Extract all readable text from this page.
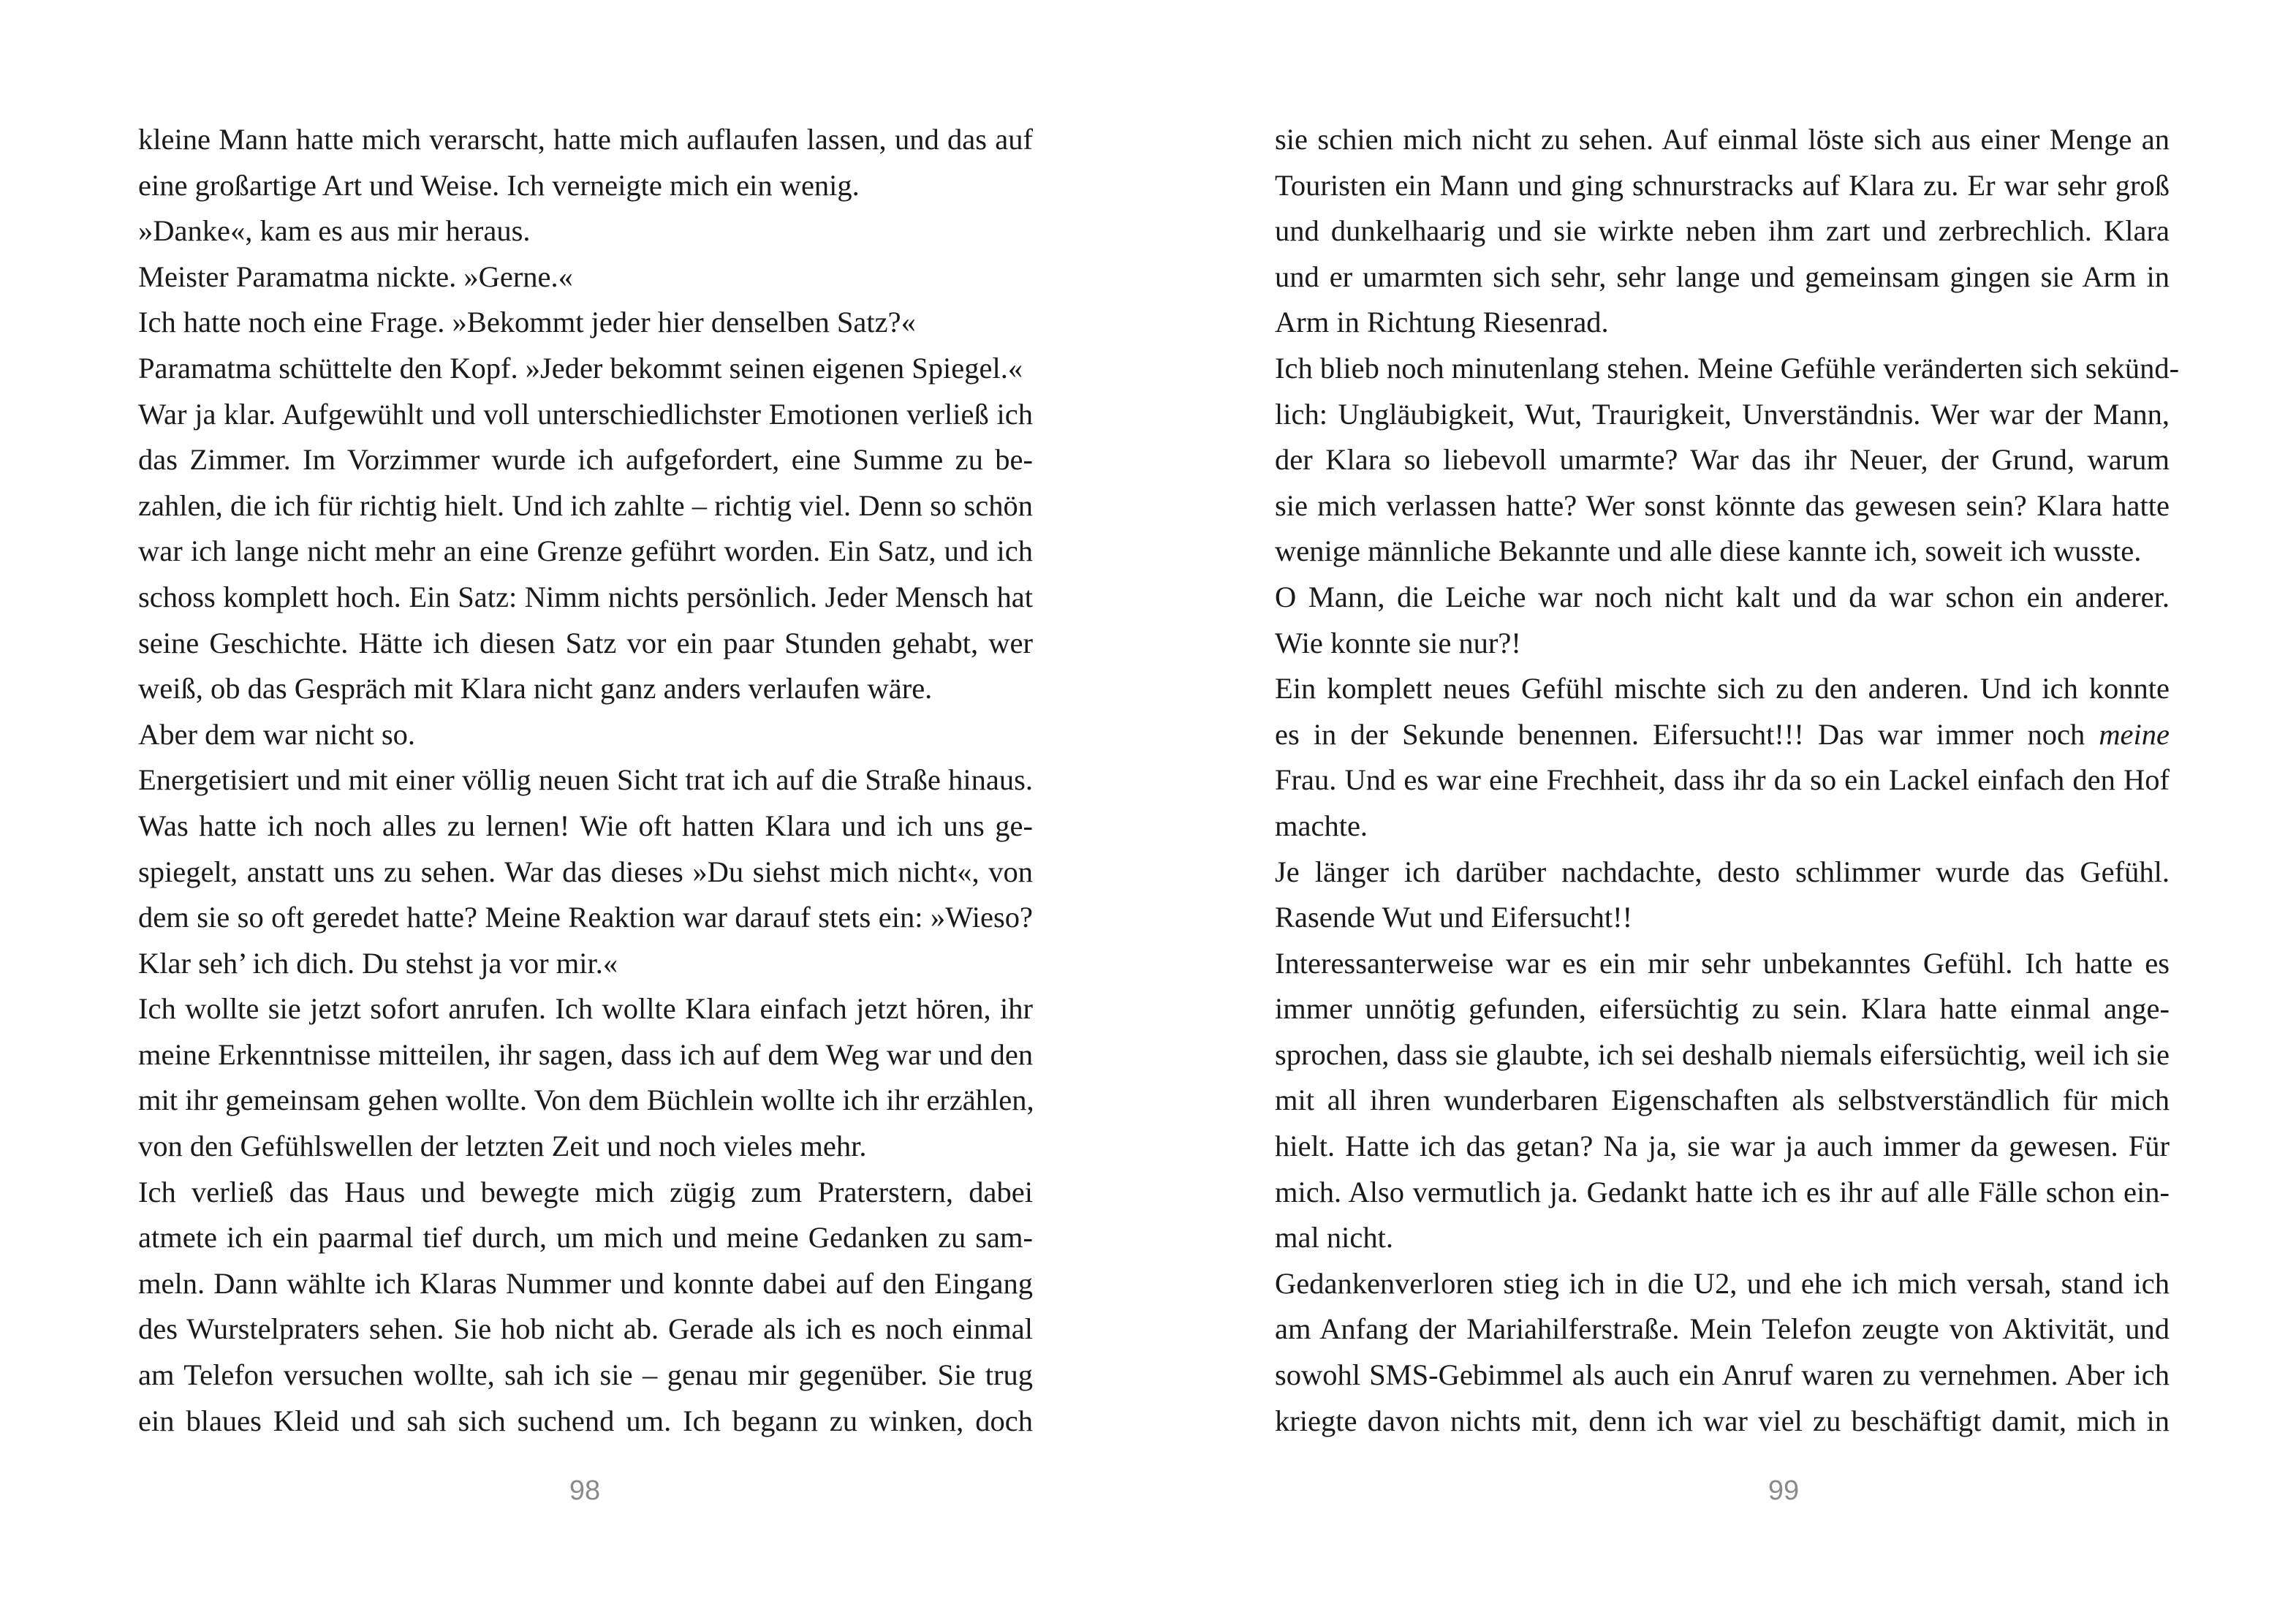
kleine Mann hatte mich verarscht, hatte mich auflaufen lassen, und das auf
eine großartige Art und Weise. Ich verneigte mich ein wenig.
»Danke«, kam es aus mir heraus.
Meister Paramatma nickte. »Gerne.«
Ich hatte noch eine Frage. »Bekommt jeder hier denselben Satz?«
Paramatma schüttelte den Kopf. »Jeder bekommt seinen eigenen Spiegel.«
War ja klar. Aufgewühlt und voll unterschiedlichster Emotionen verließ ich
das Zimmer. Im Vorzimmer wurde ich aufgefordert, eine Summe zu be-
zahlen, die ich für richtig hielt. Und ich zahlte – richtig viel. Denn so schön
war ich lange nicht mehr an eine Grenze geführt worden. Ein Satz, und ich
schoss komplett hoch. Ein Satz: Nimm nichts persönlich. Jeder Mensch hat
seine Geschichte. Hätte ich diesen Satz vor ein paar Stunden gehabt, wer
weiß, ob das Gespräch mit Klara nicht ganz anders verlaufen wäre.
Aber dem war nicht so.
Energetisiert und mit einer völlig neuen Sicht trat ich auf die Straße hinaus.
Was hatte ich noch alles zu lernen! Wie oft hatten Klara und ich uns ge-
spiegelt, anstatt uns zu sehen. War das dieses »Du siehst mich nicht«, von
dem sie so oft geredet hatte? Meine Reaktion war darauf stets ein: »Wieso?
Klar seh’ ich dich. Du stehst ja vor mir.«
Ich wollte sie jetzt sofort anrufen. Ich wollte Klara einfach jetzt hören, ihr
meine Erkenntnisse mitteilen, ihr sagen, dass ich auf dem Weg war und den
mit ihr gemeinsam gehen wollte. Von dem Büchlein wollte ich ihr erzählen,
von den Gefühlswellen der letzten Zeit und noch vieles mehr.
Ich verließ das Haus und bewegte mich zügig zum Praterstern, dabei
atmete ich ein paarmal tief durch, um mich und meine Gedanken zu sam-
meln. Dann wählte ich Klaras Nummer und konnte dabei auf den Eingang
des Wurstelpraters sehen. Sie hob nicht ab. Gerade als ich es noch einmal
am Telefon versuchen wollte, sah ich sie – genau mir gegenüber. Sie trug
ein blaues Kleid und sah sich suchend um. Ich begann zu winken, doch
98
sie schien mich nicht zu sehen. Auf einmal löste sich aus einer Menge an
Touristen ein Mann und ging schnurstracks auf Klara zu. Er war sehr groß
und dunkelhaarig und sie wirkte neben ihm zart und zerbrechlich. Klara
und er umarmten sich sehr, sehr lange und gemeinsam gingen sie Arm in
Arm in Richtung Riesenrad.
Ich blieb noch minutenlang stehen. Meine Gefühle veränderten sich sekünd-
lich: Ungläubigkeit, Wut, Traurigkeit, Unverständnis. Wer war der Mann,
der Klara so liebevoll umarmte? War das ihr Neuer, der Grund, warum
sie mich verlassen hatte? Wer sonst könnte das gewesen sein? Klara hatte
wenige männliche Bekannte und alle diese kannte ich, soweit ich wusste.
O Mann, die Leiche war noch nicht kalt und da war schon ein anderer.
Wie konnte sie nur?!
Ein komplett neues Gefühl mischte sich zu den anderen. Und ich konnte
es in der Sekunde benennen. Eifersucht!!! Das war immer noch meine
Frau. Und es war eine Frechheit, dass ihr da so ein Lackel einfach den Hof
machte.
Je länger ich darüber nachdachte, desto schlimmer wurde das Gefühl.
Rasende Wut und Eifersucht!!
Interessanterweise war es ein mir sehr unbekanntes Gefühl. Ich hatte es
immer unnötig gefunden, eifersüchtig zu sein. Klara hatte einmal ange-
sprochen, dass sie glaubte, ich sei deshalb niemals eifersüchtig, weil ich sie
mit all ihren wunderbaren Eigenschaften als selbstverständlich für mich
hielt. Hatte ich das getan? Na ja, sie war ja auch immer da gewesen. Für
mich. Also vermutlich ja. Gedankt hatte ich es ihr auf alle Fälle schon ein-
mal nicht.
Gedankenverloren stieg ich in die U2, und ehe ich mich versah, stand ich
am Anfang der Mariahilferstraße. Mein Telefon zeugte von Aktivität, und
sowohl SMS-Gebimmel als auch ein Anruf waren zu vernehmen. Aber ich
kriegte davon nichts mit, denn ich war viel zu beschäftigt damit, mich in
99
